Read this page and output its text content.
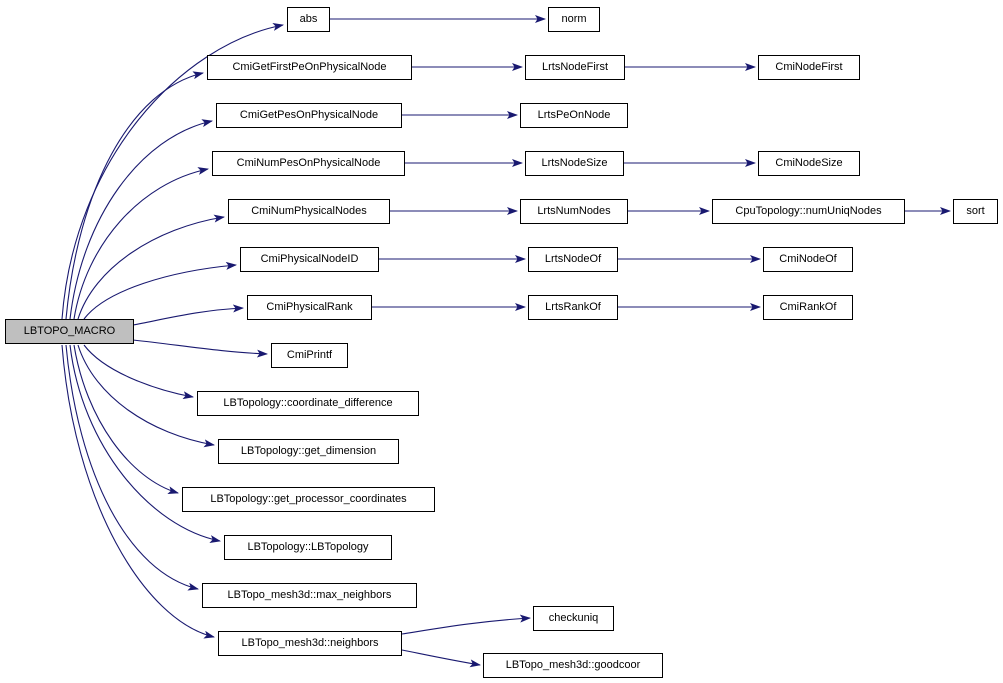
LBTOPO_MACRO
abs
CmiGetFirstPeOnPhysicalNode
CmiGetPesOnPhysicalNode
CmiNumPesOnPhysicalNode
CmiNumPhysicalNodes
CmiPhysicalNodeID
CmiPhysicalRank
CmiPrintf
LBTopology::coordinate_difference
LBTopology::get_dimension
LBTopology::get_processor_coordinates
LBTopology::LBTopology
LBTopo_mesh3d::max_neighbors
LBTopo_mesh3d::neighbors
norm
LrtsNodeFirst
LrtsPeOnNode
LrtsNodeSize
LrtsNumNodes
LrtsNodeOf
LrtsRankOf
checkuniq
LBTopo_mesh3d::goodcoor
CmiNodeFirst
CmiNodeSize
CpuTopology::numUniqNodes
CmiNodeOf
CmiRankOf
sort
